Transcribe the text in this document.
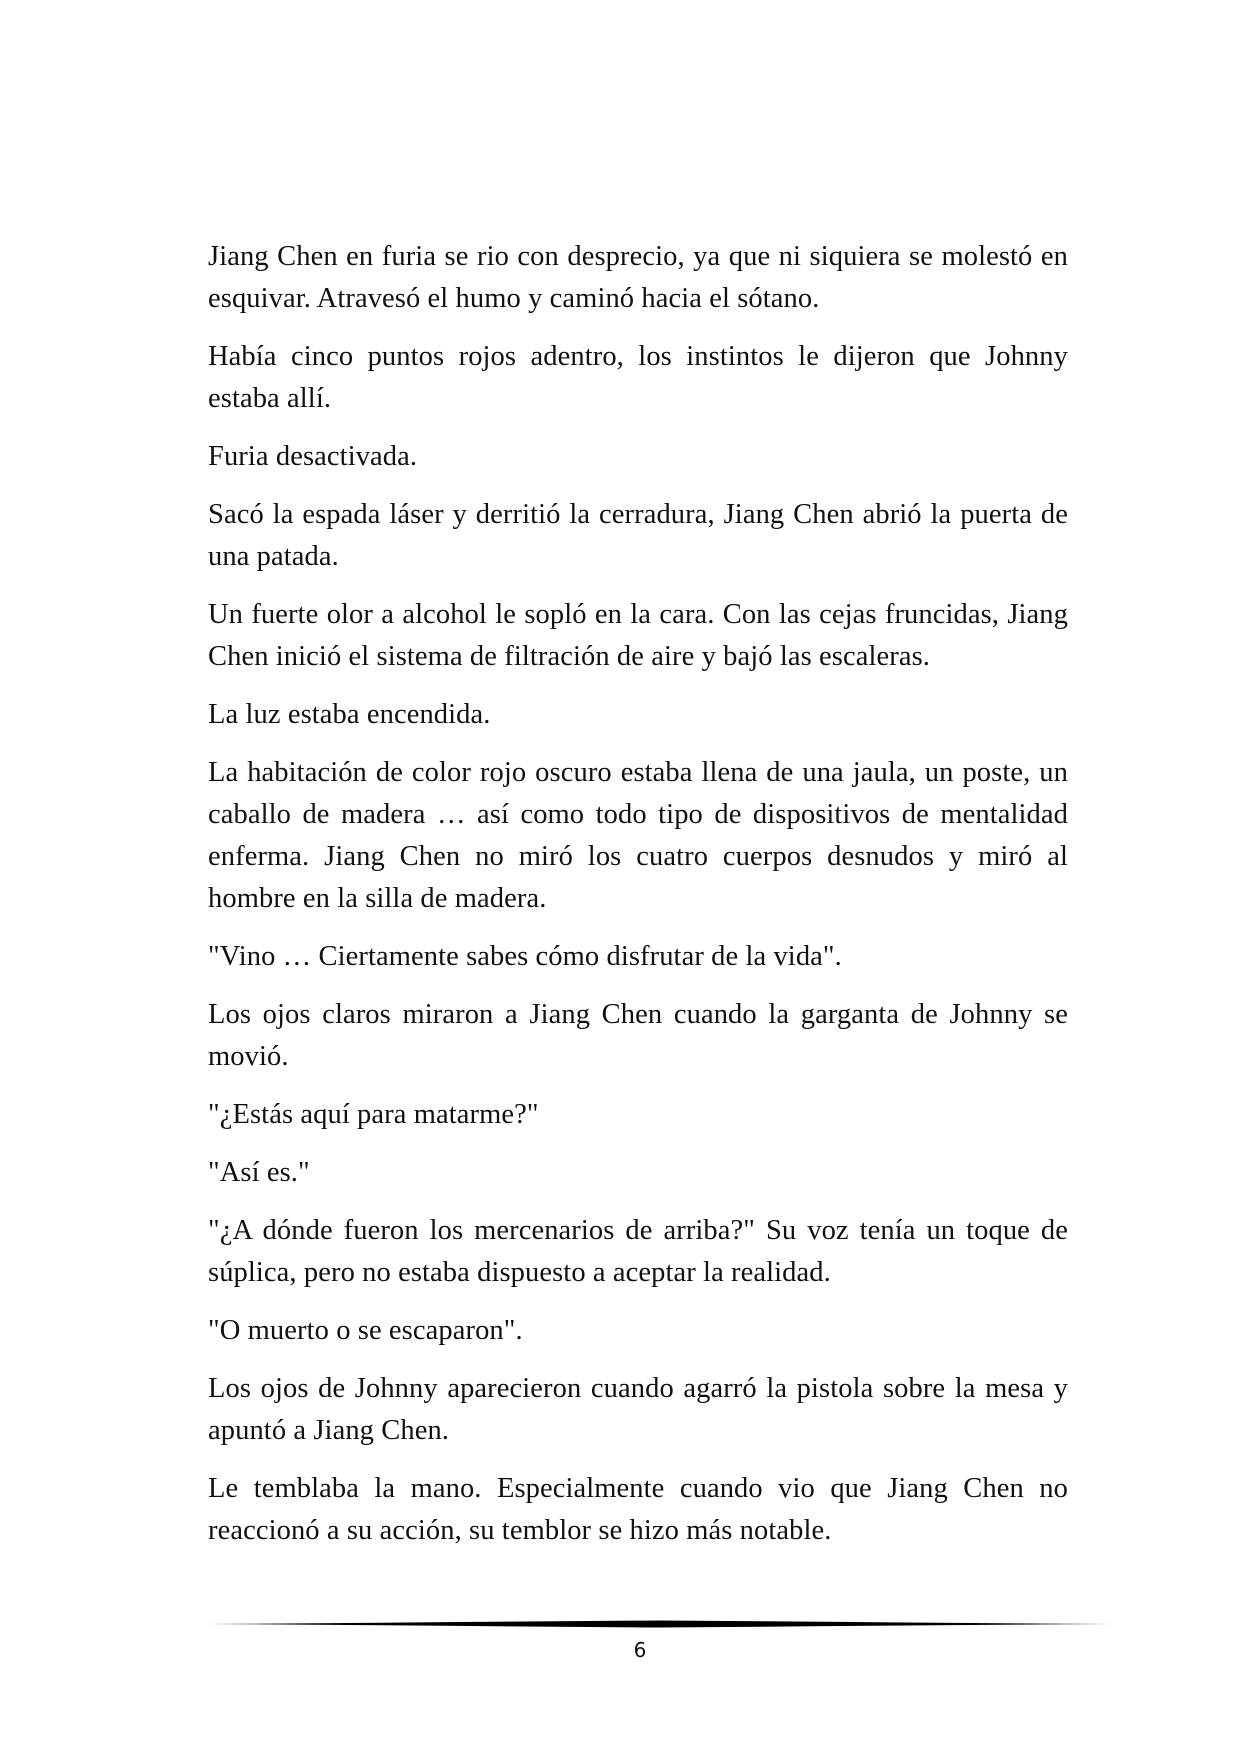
Jiang Chen en furia se rio con desprecio, ya que ni siquiera se molestó en esquivar. Atravesó el humo y caminó hacia el sótano.

Había cinco puntos rojos adentro, los instintos le dijeron que Johnny estaba allí.

Furia desactivada.

Sacó la espada láser y derritió la cerradura, Jiang Chen abrió la puerta de una patada.

Un fuerte olor a alcohol le sopló en la cara. Con las cejas fruncidas, Jiang Chen inició el sistema de filtración de aire y bajó las escaleras.

La luz estaba encendida.

La habitación de color rojo oscuro estaba llena de una jaula, un poste, un caballo de madera … así como todo tipo de dispositivos de mentalidad enferma. Jiang Chen no miró los cuatro cuerpos desnudos y miró al hombre en la silla de madera.

"Vino … Ciertamente sabes cómo disfrutar de la vida".

Los ojos claros miraron a Jiang Chen cuando la garganta de Johnny se movió.

"¿Estás aquí para matarme?"

"Así es."

"¿A dónde fueron los mercenarios de arriba?" Su voz tenía un toque de súplica, pero no estaba dispuesto a aceptar la realidad.

"O muerto o se escaparon".

Los ojos de Johnny aparecieron cuando agarró la pistola sobre la mesa y apuntó a Jiang Chen.

Le temblaba la mano. Especialmente cuando vio que Jiang Chen no reaccionó a su acción, su temblor se hizo más notable.

6
